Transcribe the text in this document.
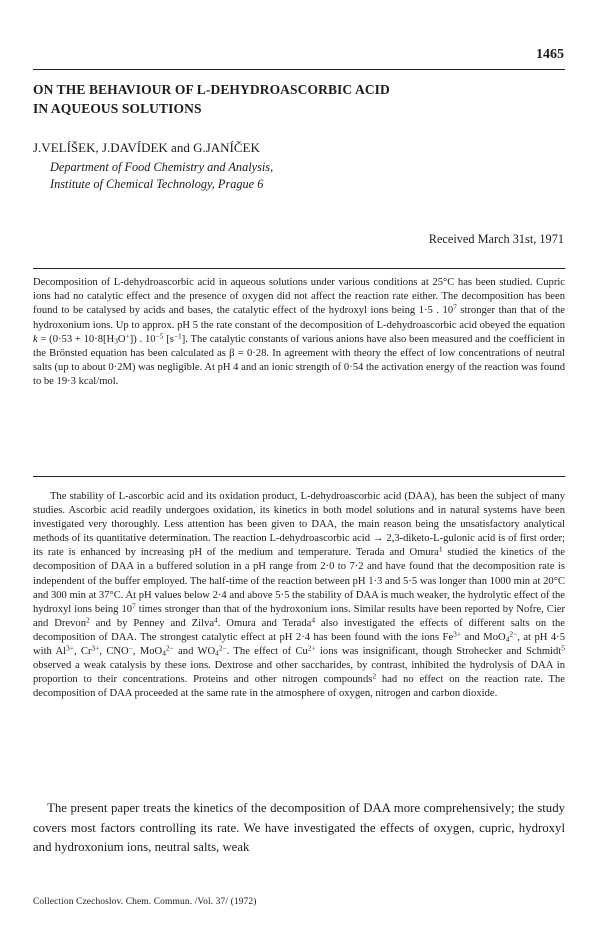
1465
ON THE BEHAVIOUR OF L-DEHYDROASCORBIC ACID
IN AQUEOUS SOLUTIONS
J.VELÍŠEK, J.DAVÍDEK and G.JANÍČEK
Department of Food Chemistry and Analysis,
Institute of Chemical Technology, Prague 6
Received March 31st, 1971

Decomposition of L-dehydroascorbic acid in aqueous solutions under various conditions at 25°C has been studied. Cupric ions had no catalytic effect and the presence of oxygen did not affect the reaction rate either. The decomposition has been found to be catalysed by acids and bases, the catalytic effect of the hydroxyl ions being 1·5 . $10^7$ stronger than that of the hydroxonium ions. Up to approx. pH 5 the rate constant of the decomposition of L-dehydroascorbic acid obeyed the equation $k = (0\cdot 53 + 10\cdot 8[H_3O^+])$ . $10^{-5}$ $[s^{-1}]$. The catalytic constants of various anions have also been measured and the coefficient in the Brönsted equation has been calculated as β = 0·28. In agreement with theory the effect of low concentrations of neutral salts (up to about 0·2M) was negligible. At pH 4 and an ionic strength of 0·54 the activation energy of the reaction was found to be 19·3 kcal/mol.

The stability of L-ascorbic acid and its oxidation product, L-dehydroascorbic acid (DAA), has been the subject of many studies. Ascorbic acid readily undergoes oxidation, its kinetics in both model solutions and in natural systems have been investigated very thoroughly. Less attention has been given to DAA, the main reason being the unsatisfactory analytical methods of its quantitative determination. The reaction L-dehydroascorbic acid → 2,3-diketo-L-gulonic acid is of first order; its rate is enhanced by increasing pH of the medium and temperature. Terada and Omura$^1$ studied the kinetics of the decomposition of DAA in a buffered solution in a pH range from 2·0 to 7·2 and have found that the decomposition rate is independent of the buffer employed. The half-time of the reaction between pH 1·3 and 5·5 was longer than 1000 min at 20°C and 300 min at 37°C. At pH values below 2·4 and above 5·5 the stability of DAA is much weaker, the hydrolytic effect of the hydroxyl ions being $10^7$ times stronger than that of the hydroxonium ions. Similar results have been reported by Nofre, Cier and Drevon$^2$ and by Penney and Zilva$^4$. Omura and Terada$^4$ also investigated the effects of different salts on the decomposition of DAA. The strongest catalytic effect at pH 2·4 has been found with the ions $Fe^{3+}$ and MoO$_4^{2-}$, at pH 4·5 with $Al^{3+}$, $Cr^{3+}$, CNO−, MoO$_4^{2-}$ and $WO_4^{2-}$. The effect of $Cu^{2+}$ ions was insignificant, though Strohecker and Schmidt$^5$ observed a weak catalysis by these ions. Dextrose and other saccharides, by contrast, inhibited the hydrolysis of DAA in proportion to their concentrations. Proteins and other nitrogen compounds$^2$ had no effect on the reaction rate. The decomposition of DAA proceeded at the same rate in the atmosphere of oxygen, nitrogen and carbon dioxide.

The present paper treats the kinetics of the decomposition of DAA more comprehensively; the study covers most factors controlling its rate. We have investigated the effects of oxygen, cupric, hydroxyl and hydroxonium ions, neutral salts, weak

Collection Czechoslov. Chem. Commun. /Vol. 37/ (1972)
